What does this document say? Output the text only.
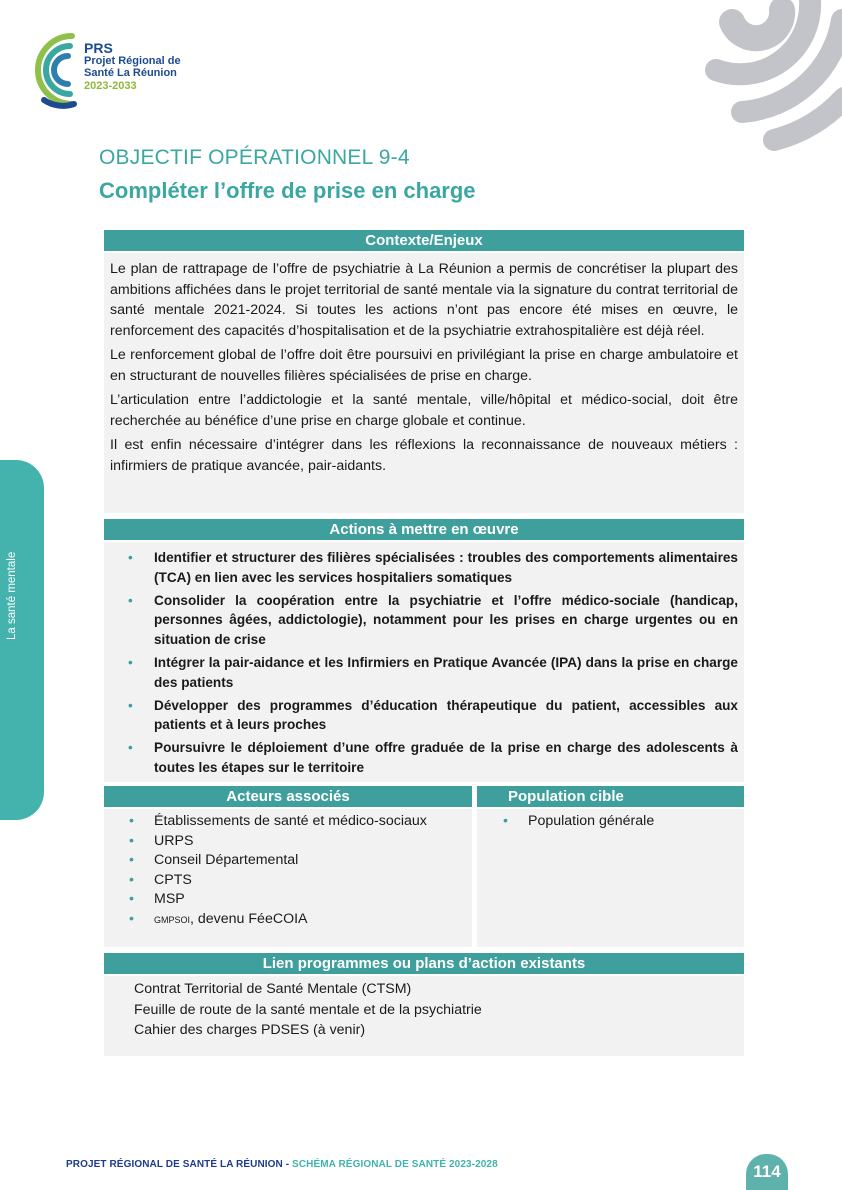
PRS
Projet Régional de
Santé La Réunion
2023-2033
La santé mentale
OBJECTIF OPÉRATIONNEL 9-4
Compléter l’offre de prise en charge
Contexte/Enjeux

Le plan de rattrapage de l’offre de psychiatrie à La Réunion a permis de concrétiser la plupart des ambitions affichées dans le projet territorial de santé mentale via la signature du contrat territorial de santé mentale 2021-2024. Si toutes les actions n’ont pas encore été mises en œuvre, le renforcement des capacités d’hospitalisation et de la psychiatrie extrahospitalière est déjà réel.

Le renforcement global de l’offre doit être poursuivi en privilégiant la prise en charge ambulatoire et en structurant de nouvelles filières spécialisées de prise en charge.

L’articulation entre l’addictologie et la santé mentale, ville/hôpital et médico-social, doit être recherchée au bénéfice d’une prise en charge globale et continue.

Il est enfin nécessaire d’intégrer dans les réflexions la reconnaissance de nouveaux métiers : infirmiers de pratique avancée, pair-aidants.

Actions à mettre en œuvre
• Identifier et structurer des filières spécialisées : troubles des comportements alimentaires (TCA) en lien avec les services hospitaliers somatiques
• Consolider la coopération entre la psychiatrie et l’offre médico-sociale (handicap, personnes âgées, addictologie), notamment pour les prises en charge urgentes ou en situation de crise
• Intégrer la pair-aidance et les Infirmiers en Pratique Avancée (IPA) dans la prise en charge des patients
• Développer des programmes d’éducation thérapeutique du patient, accessibles aux patients et à leurs proches
• Poursuivre le déploiement d’une offre graduée de la prise en charge des adolescents à toutes les étapes sur le territoire
Acteurs associés
• Établissements de santé et médico-sociaux
• URPS
• Conseil Départemental
• CPTS
• MSP
• GMPSOI, devenu FéeCOIA
Population cible
• Population générale
Lien programmes ou plans d’action existants
Contrat Territorial de Santé Mentale (CTSM)
Feuille de route de la santé mentale et de la psychiatrie
Cahier des charges PDSES (à venir)
PROJET RÉGIONAL DE SANTÉ LA RÉUNION - SCHÉMA RÉGIONAL DE SANTÉ 2023-2028	114
